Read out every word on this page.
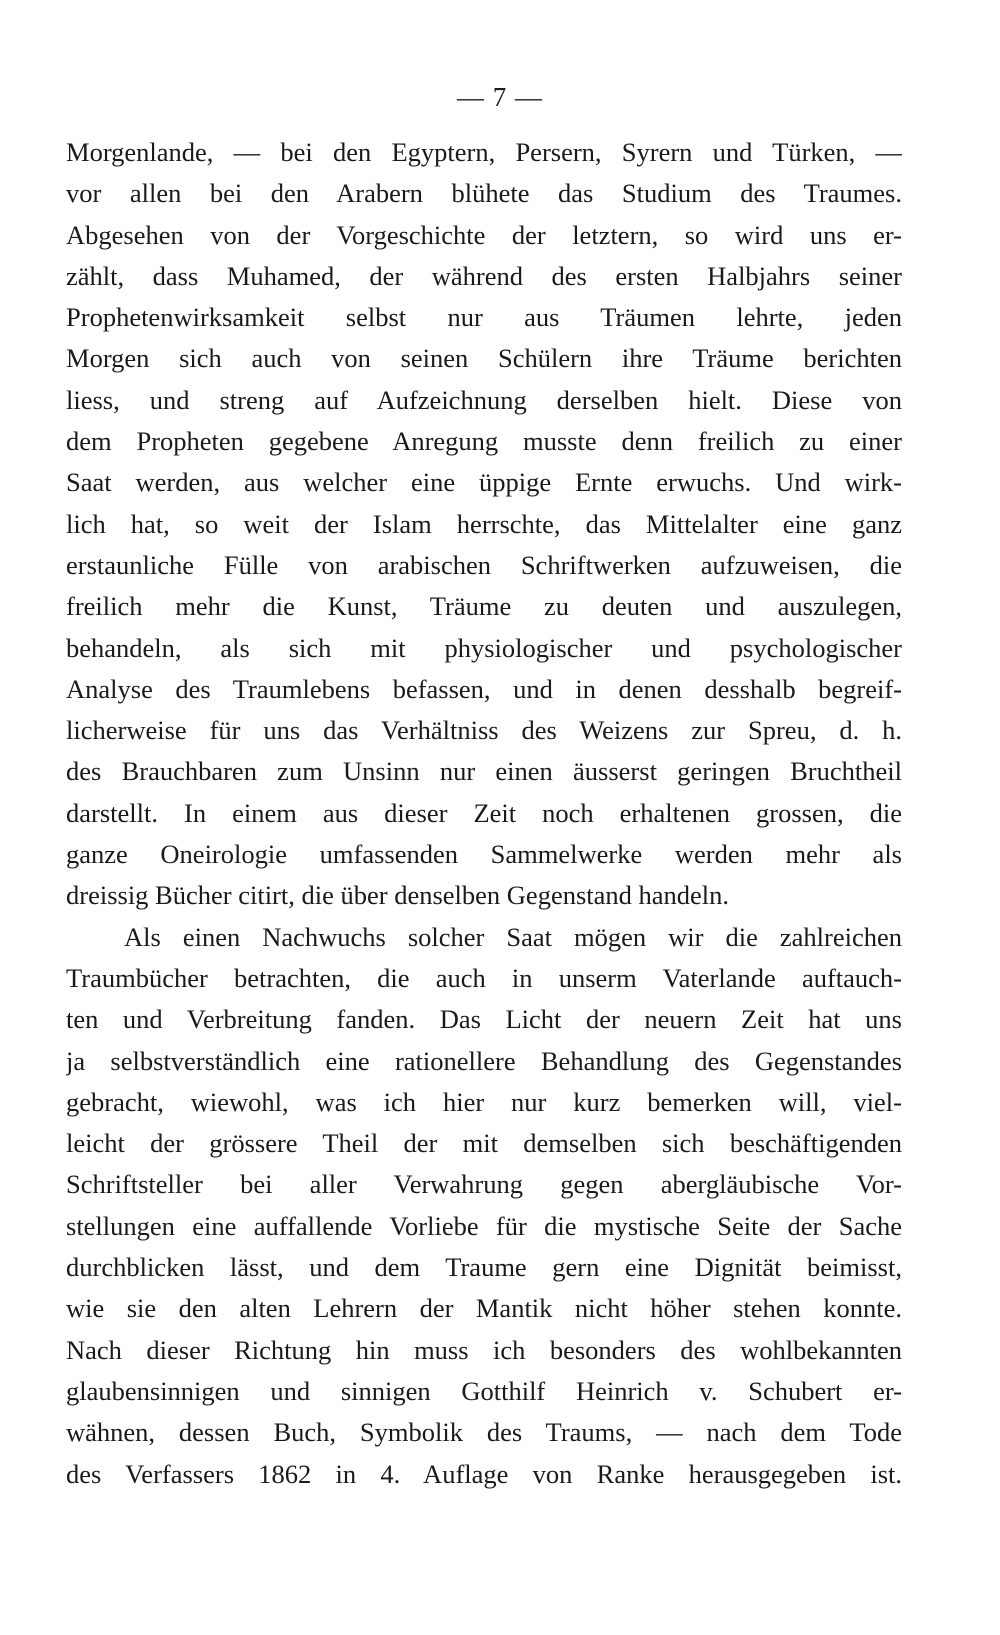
— 7 —
Morgenlande, — bei den Egyptern, Persern, Syrern und Türken, —
vor allen bei den Arabern blühete das Studium des Traumes.
Abgesehen von der Vorgeschichte der letztern, so wird uns er-
zählt, dass Muhamed, der während des ersten Halbjahrs seiner
Prophetenwirksamkeit selbst nur aus Träumen lehrte, jeden
Morgen sich auch von seinen Schülern ihre Träume berichten
liess, und streng auf Aufzeichnung derselben hielt. Diese von
dem Propheten gegebene Anregung musste denn freilich zu einer
Saat werden, aus welcher eine üppige Ernte erwuchs. Und wirk-
lich hat, so weit der Islam herrschte, das Mittelalter eine ganz
erstaunliche Fülle von arabischen Schriftwerken aufzuweisen, die
freilich mehr die Kunst, Träume zu deuten und auszulegen,
behandeln, als sich mit physiologischer und psychologischer
Analyse des Traumlebens befassen, und in denen desshalb begreif-
licherweise für uns das Verhältniss des Weizens zur Spreu, d. h.
des Brauchbaren zum Unsinn nur einen äusserst geringen Bruchtheil
darstellt. In einem aus dieser Zeit noch erhaltenen grossen, die
ganze Oneirologie umfassenden Sammelwerke werden mehr als
dreissig Bücher citirt, die über denselben Gegenstand handeln.
Als einen Nachwuchs solcher Saat mögen wir die zahlreichen
Traumbücher betrachten, die auch in unserm Vaterlande auftauch-
ten und Verbreitung fanden. Das Licht der neuern Zeit hat uns
ja selbstverständlich eine rationellere Behandlung des Gegenstandes
gebracht, wiewohl, was ich hier nur kurz bemerken will, viel-
leicht der grössere Theil der mit demselben sich beschäftigenden
Schriftsteller bei aller Verwahrung gegen abergläubische Vor-
stellungen eine auffallende Vorliebe für die mystische Seite der Sache
durchblicken lässt, und dem Traume gern eine Dignität beimisst,
wie sie den alten Lehrern der Mantik nicht höher stehen konnte.
Nach dieser Richtung hin muss ich besonders des wohlbekannten
glaubensinnigen und sinnigen Gotthilf Heinrich v. Schubert er-
wähnen, dessen Buch, Symbolik des Traums, — nach dem Tode
des Verfassers 1862 in 4. Auflage von Ranke herausgegeben ist.
